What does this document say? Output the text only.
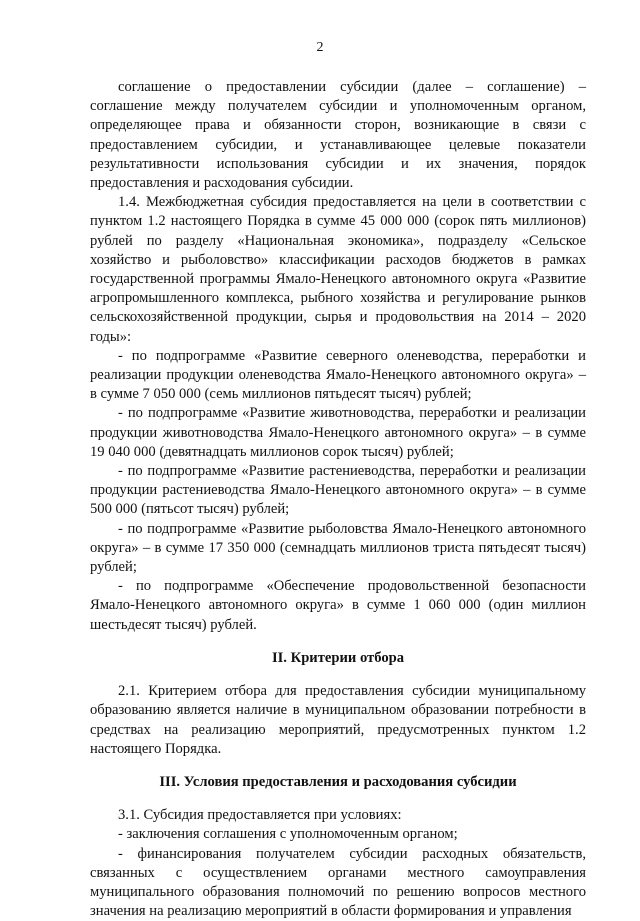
2

соглашение о предоставлении субсидии (далее – соглашение) – соглашение между получателем субсидии и уполномоченным органом, определяющее права и обязанности сторон, возникающие в связи с предоставлением субсидии, и устанавливающее целевые показатели результативности использования субсидии и их значения, порядок предоставления и расходования субсидии.

1.4. Межбюджетная субсидия предоставляется на цели в соответствии с пунктом 1.2 настоящего Порядка в сумме 45 000 000 (сорок пять миллионов) рублей по разделу «Национальная экономика», подразделу «Сельское хозяйство и рыболовство» классификации расходов бюджетов в рамках государственной программы Ямало-Ненецкого автономного округа «Развитие агропромышленного комплекса, рыбного хозяйства и регулирование рынков сельскохозяйственной продукции, сырья и продовольствия на 2014 – 2020 годы»:

- по подпрограмме «Развитие северного оленеводства, переработки и реализации продукции оленеводства Ямало-Ненецкого автономного округа» – в сумме 7 050 000 (семь миллионов пятьдесят тысяч) рублей;

- по подпрограмме «Развитие животноводства, переработки и реализации продукции животноводства Ямало-Ненецкого автономного округа» – в сумме 19 040 000 (девятнадцать миллионов сорок тысяч) рублей;

- по подпрограмме «Развитие растениеводства, переработки и реализации продукции растениеводства Ямало-Ненецкого автономного округа» – в сумме 500 000 (пятьсот тысяч) рублей;

- по подпрограмме «Развитие рыболовства Ямало-Ненецкого автономного округа» – в сумме 17 350 000 (семнадцать миллионов триста пятьдесят тысяч) рублей;

- по подпрограмме «Обеспечение продовольственной безопасности Ямало-Ненецкого автономного округа» в сумме 1 060 000 (один миллион шестьдесят тысяч) рублей.

II. Критерии отбора

2.1. Критерием отбора для предоставления субсидии муниципальному образованию является наличие в муниципальном образовании потребности в средствах на реализацию мероприятий, предусмотренных пунктом 1.2 настоящего Порядка.

III. Условия предоставления и расходования субсидии

3.1. Субсидия предоставляется при условиях:

- заключения соглашения с уполномоченным органом;

- финансирования получателем субсидии расходных обязательств, связанных с осуществлением органами местного самоуправления муниципального образования полномочий по решению вопросов местного значения на реализацию мероприятий в области формирования и управления
